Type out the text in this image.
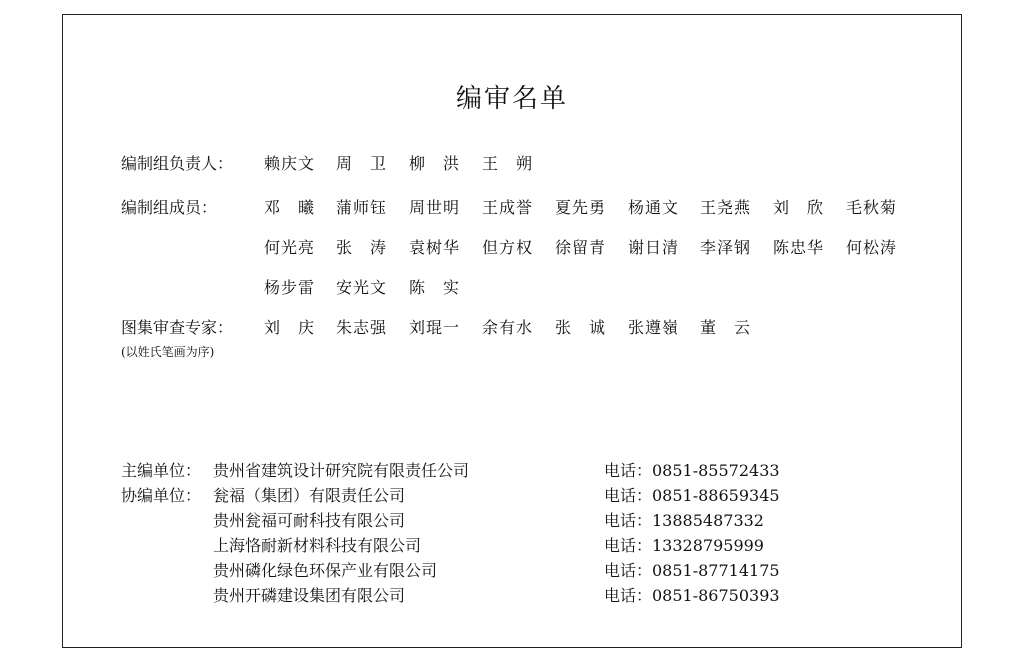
编审名单
编制组负责人： 赖庆文 周　卫 柳　洪 王　朔
编制组成员：	邓　曦 蒲师钰 周世明 王成誉 夏先勇 杨通文 王尧燕 刘　欣 毛秋菊
何光亮 张　涛 袁树华 但方权 徐留青 谢日清 李泽钢 陈忠华 何松涛
杨步雷 安光文 陈　实
图集审查专家： 刘　庆 朱志强 刘琨一 余有水 张　诚 张遵嶺 董　云
(以姓氏笔画为序)
主编单位： 贵州省建筑设计研究院有限责任公司	电话：0851-85572433
协编单位： 瓮福（集团）有限责任公司	电话：0851-88659345
贵州瓮福可耐科技有限公司	电话：13885487332
上海恪耐新材料科技有限公司	电话：13328795999
贵州磷化绿色环保产业有限公司	电话：0851-87714175
贵州开磷建设集团有限公司	电话：0851-86750393
